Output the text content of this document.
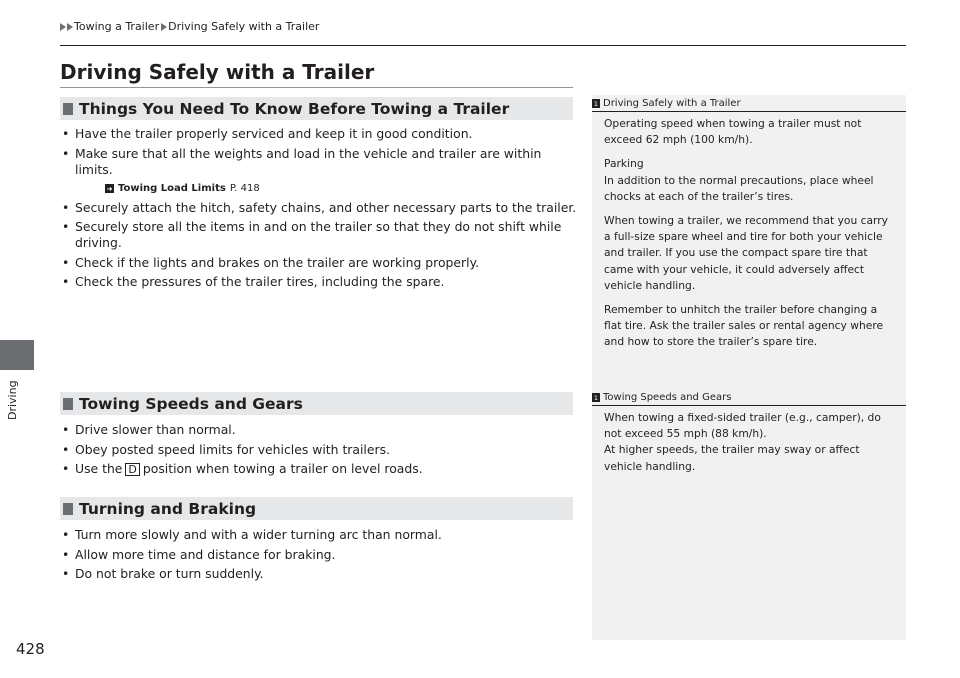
Driving
428
Towing a Trailer Driving Safely with a Trailer
Driving Safely with a Trailer
Things You Need To Know Before Towing a Trailer
• Have the trailer properly serviced and keep it in good condition.
• Make sure that all the weights and load in the vehicle and trailer are within limits.
➜ Towing Load Limits P. 418
• Securely attach the hitch, safety chains, and other necessary parts to the trailer.
• Securely store all the items in and on the trailer so that they do not shift while driving.
• Check if the lights and brakes on the trailer are working properly.
• Check the pressures of the trailer tires, including the spare.
Towing Speeds and Gears
• Drive slower than normal.
• Obey posted speed limits for vehicles with trailers.
• Use the D position when towing a trailer on level roads.
Turning and Braking
• Turn more slowly and with a wider turning arc than normal.
• Allow more time and distance for braking.
• Do not brake or turn suddenly.
1 Driving Safely with a Trailer

Operating speed when towing a trailer must not exceed 62 mph (100 km/h).

Parking

In addition to the normal precautions, place wheel chocks at each of the trailer’s tires.

When towing a trailer, we recommend that you carry a full-size spare wheel and tire for both your vehicle and trailer. If you use the compact spare tire that came with your vehicle, it could adversely affect vehicle handling.

Remember to unhitch the trailer before changing a flat tire. Ask the trailer sales or rental agency where and how to store the trailer’s spare tire.

1 Towing Speeds and Gears

When towing a fixed-sided trailer (e.g., camper), do not exceed 55 mph (88 km/h).

At higher speeds, the trailer may sway or affect vehicle handling.
